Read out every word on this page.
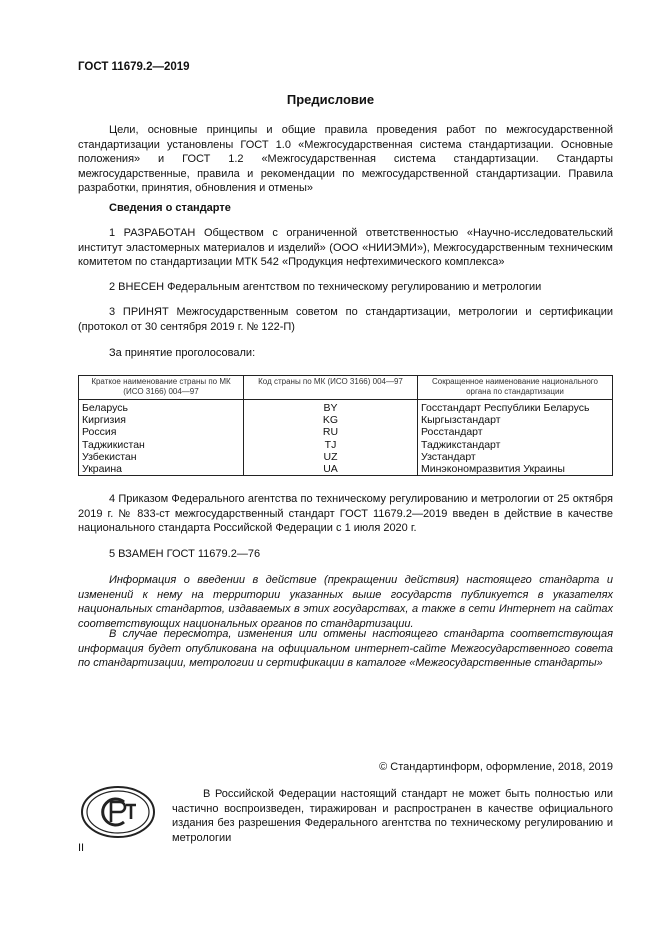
ГОСТ 11679.2—2019
Предисловие

Цели, основные принципы и общие правила проведения работ по межгосударственной стандартизации установлены ГОСТ 1.0 «Межгосударственная система стандартизации. Основные положения» и ГОСТ 1.2 «Межгосударственная система стандартизации. Стандарты межгосударственные, правила и рекомендации по межгосударственной стандартизации. Правила разработки, принятия, обновления и отмены»

Сведения о стандарте

1 РАЗРАБОТАН Обществом с ограниченной ответственностью «Научно-исследовательский институт эластомерных материалов и изделий» (ООО «НИИЭМИ»), Межгосударственным техническим комитетом по стандартизации МТК 542 «Продукция нефтехимического комплекса»

2 ВНЕСЕН Федеральным агентством по техническому регулированию и метрологии

3 ПРИНЯТ Межгосударственным советом по стандартизации, метрологии и сертификации (протокол от 30 сентября 2019 г. № 122-П)

За принятие проголосовали:

Краткое наименование страны по МК (ИСО 3166) 004—97	Код страны по МК (ИСО 3166) 004—97	Сокращенное наименование национального органа по стандартизации
Беларусь	BY	Госстандарт Республики Беларусь
Киргизия	KG	Кыргызстандарт
Россия	RU	Росстандарт
Таджикистан	TJ	Таджикстандарт
Узбекистан	UZ	Узстандарт
Украина	UA	Минэкономразвития Украины

4 Приказом Федерального агентства по техническому регулированию и метрологии от 25 октября 2019 г. № 833-ст межгосударственный стандарт ГОСТ 11679.2—2019 введен в действие в качестве национального стандарта Российской Федерации с 1 июля 2020 г.

5 ВЗАМЕН ГОСТ 11679.2—76

Информация о введении в действие (прекращении действия) настоящего стандарта и изменений к нему на территории указанных выше государств публикуется в указателях национальных стандартов, издаваемых в этих государствах, а также в сети Интернет на сайтах соответствующих национальных органов по стандартизации.

В случае пересмотра, изменения или отмены настоящего стандарта соответствующая информация будет опубликована на официальном интернет-сайте Межгосударственного совета по стандартизации, метрологии и сертификации в каталоге «Межгосударственные стандарты»

© Стандартинформ, оформление, 2018, 2019

В Российской Федерации настоящий стандарт не может быть полностью или частично воспроизведен, тиражирован и распространен в качестве официального издания без разрешения Федерального агентства по техническому регулированию и метрологии

II
